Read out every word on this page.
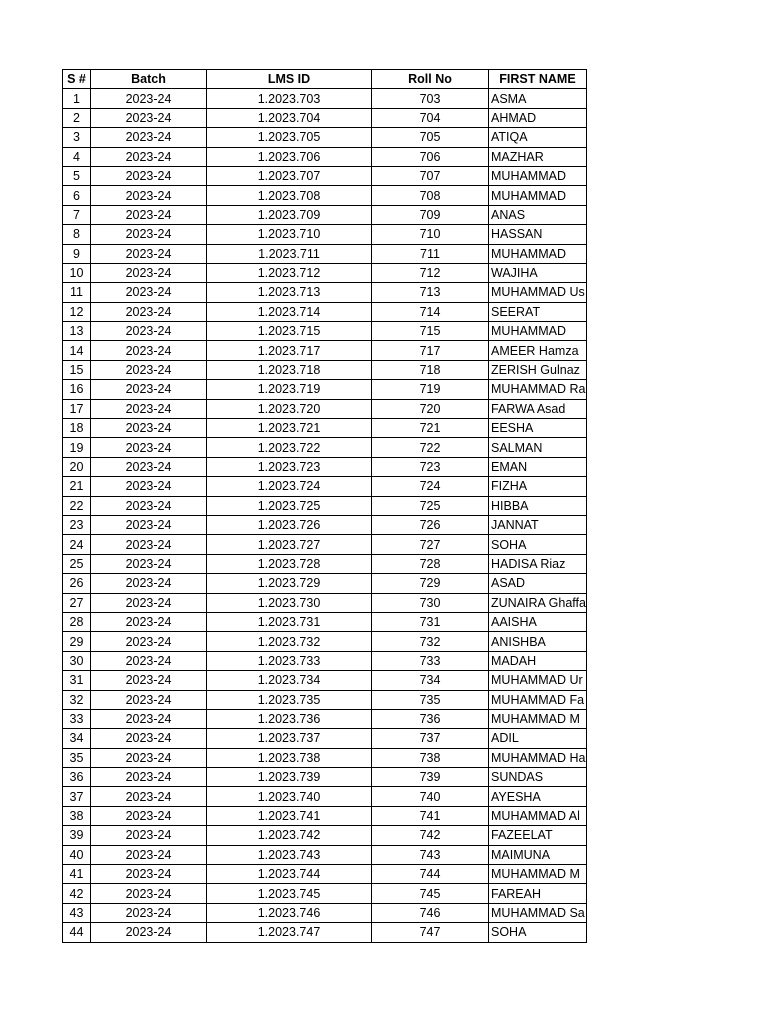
S #	Batch	LMS ID	Roll No	FIRST NAME
1	2023-24	1.2023.703	703	ASMA
2	2023-24	1.2023.704	704	AHMAD
3	2023-24	1.2023.705	705	ATIQA
4	2023-24	1.2023.706	706	MAZHAR
5	2023-24	1.2023.707	707	MUHAMMAD
6	2023-24	1.2023.708	708	MUHAMMAD
7	2023-24	1.2023.709	709	ANAS
8	2023-24	1.2023.710	710	HASSAN
9	2023-24	1.2023.711	711	MUHAMMAD
10	2023-24	1.2023.712	712	WAJIHA
11	2023-24	1.2023.713	713	MUHAMMAD Us
12	2023-24	1.2023.714	714	SEERAT
13	2023-24	1.2023.715	715	MUHAMMAD
14	2023-24	1.2023.717	717	AMEER Hamza
15	2023-24	1.2023.718	718	ZERISH Gulnaz
16	2023-24	1.2023.719	719	MUHAMMAD Ra
17	2023-24	1.2023.720	720	FARWA Asad
18	2023-24	1.2023.721	721	EESHA
19	2023-24	1.2023.722	722	SALMAN
20	2023-24	1.2023.723	723	EMAN
21	2023-24	1.2023.724	724	FIZHA
22	2023-24	1.2023.725	725	HIBBA
23	2023-24	1.2023.726	726	JANNAT
24	2023-24	1.2023.727	727	SOHA
25	2023-24	1.2023.728	728	HADISA Riaz
26	2023-24	1.2023.729	729	ASAD
27	2023-24	1.2023.730	730	ZUNAIRA Ghaffa
28	2023-24	1.2023.731	731	AAISHA
29	2023-24	1.2023.732	732	ANISHBA
30	2023-24	1.2023.733	733	MADAH
31	2023-24	1.2023.734	734	MUHAMMAD Ur
32	2023-24	1.2023.735	735	MUHAMMAD Fa
33	2023-24	1.2023.736	736	MUHAMMAD M
34	2023-24	1.2023.737	737	ADIL
35	2023-24	1.2023.738	738	MUHAMMAD Ha
36	2023-24	1.2023.739	739	SUNDAS
37	2023-24	1.2023.740	740	AYESHA
38	2023-24	1.2023.741	741	MUHAMMAD Al
39	2023-24	1.2023.742	742	FAZEELAT
40	2023-24	1.2023.743	743	MAIMUNA
41	2023-24	1.2023.744	744	MUHAMMAD M
42	2023-24	1.2023.745	745	FAREAH
43	2023-24	1.2023.746	746	MUHAMMAD Sa
44	2023-24	1.2023.747	747	SOHA
